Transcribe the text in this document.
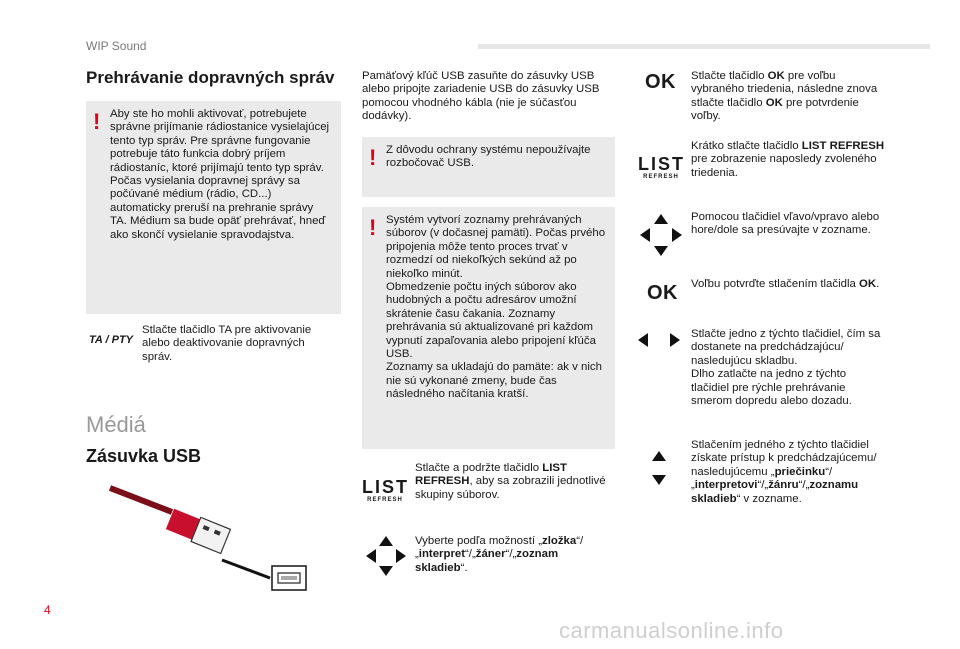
WIP Sound
Prehrávanie dopravných správ
! Aby ste ho mohli aktivovať, potrebujete správne prijímanie rádiostanice vysielajúcej tento typ správ. Pre správne fungovanie potrebuje táto funkcia dobrý príjem rádiostaníc, ktoré prijímajú tento typ správ. Počas vysielania dopravnej správy sa počúvané médium (rádio, CD...) automaticky preruší na prehranie správy TA. Médium sa bude opäť prehrávať, hneď ako skončí vysielanie spravodajstva.
TA / PTY
Stlačte tlačidlo TA pre aktivovanie alebo deaktivovanie dopravných správ.
Médiá
Zásuvka USB
Pamäťový kľúč USB zasuňte do zásuvky USB alebo pripojte zariadenie USB do zásuvky USB pomocou vhodného kábla (nie je súčasťou dodávky).
! Z dôvodu ochrany systému nepoužívajte rozbočovač USB.
! Systém vytvorí zoznamy prehrávaných súborov (v dočasnej pamäti). Počas prvého pripojenia môže tento proces trvať v rozmedzí od niekoľkých sekúnd až po niekoľko minút.
Obmedzenie počtu iných súborov ako hudobných a počtu adresárov umožní skrátenie času čakania. Zoznamy prehrávania sú aktualizované pri každom vypnutí zapaľovania alebo pripojení kľúča USB.
Zoznamy sa ukladajú do pamäte: ak v nich nie sú vykonané zmeny, bude čas následného načítania kratší.
LIST
REFRESH
Stlačte a podržte tlačidlo LIST REFRESH, aby sa zobrazili jednotlivé skupiny súborov.
Vyberte podľa možností „zložka“/ „interpret“/„žáner“/„zoznam skladieb“.
OK Stlačte tlačidlo OK pre voľbu vybraného triedenia, následne znova stlačte tlačidlo OK pre potvrdenie voľby.
LIST
REFRESH
Krátko stlačte tlačidlo LIST REFRESH pre zobrazenie naposledy zvoleného triedenia.
Pomocou tlačidiel vľavo/vpravo alebo hore/dole sa presúvajte v zozname.
OK Voľbu potvrďte stlačením tlačidla OK.
Stlačte jedno z týchto tlačidiel, čím sa dostanete na predchádzajúcu/ nasledujúcu skladbu.
Dlho zatlačte na jedno z týchto tlačidiel pre rýchle prehrávanie smerom dopredu alebo dozadu.
Stlačením jedného z týchto tlačidiel získate prístup k predchádzajúcemu/ nasledujúcemu „priečinku“/ „interpretovi“/„žánru“/„zoznamu skladieb“ v zozname.
4
carmanualsonline.info
